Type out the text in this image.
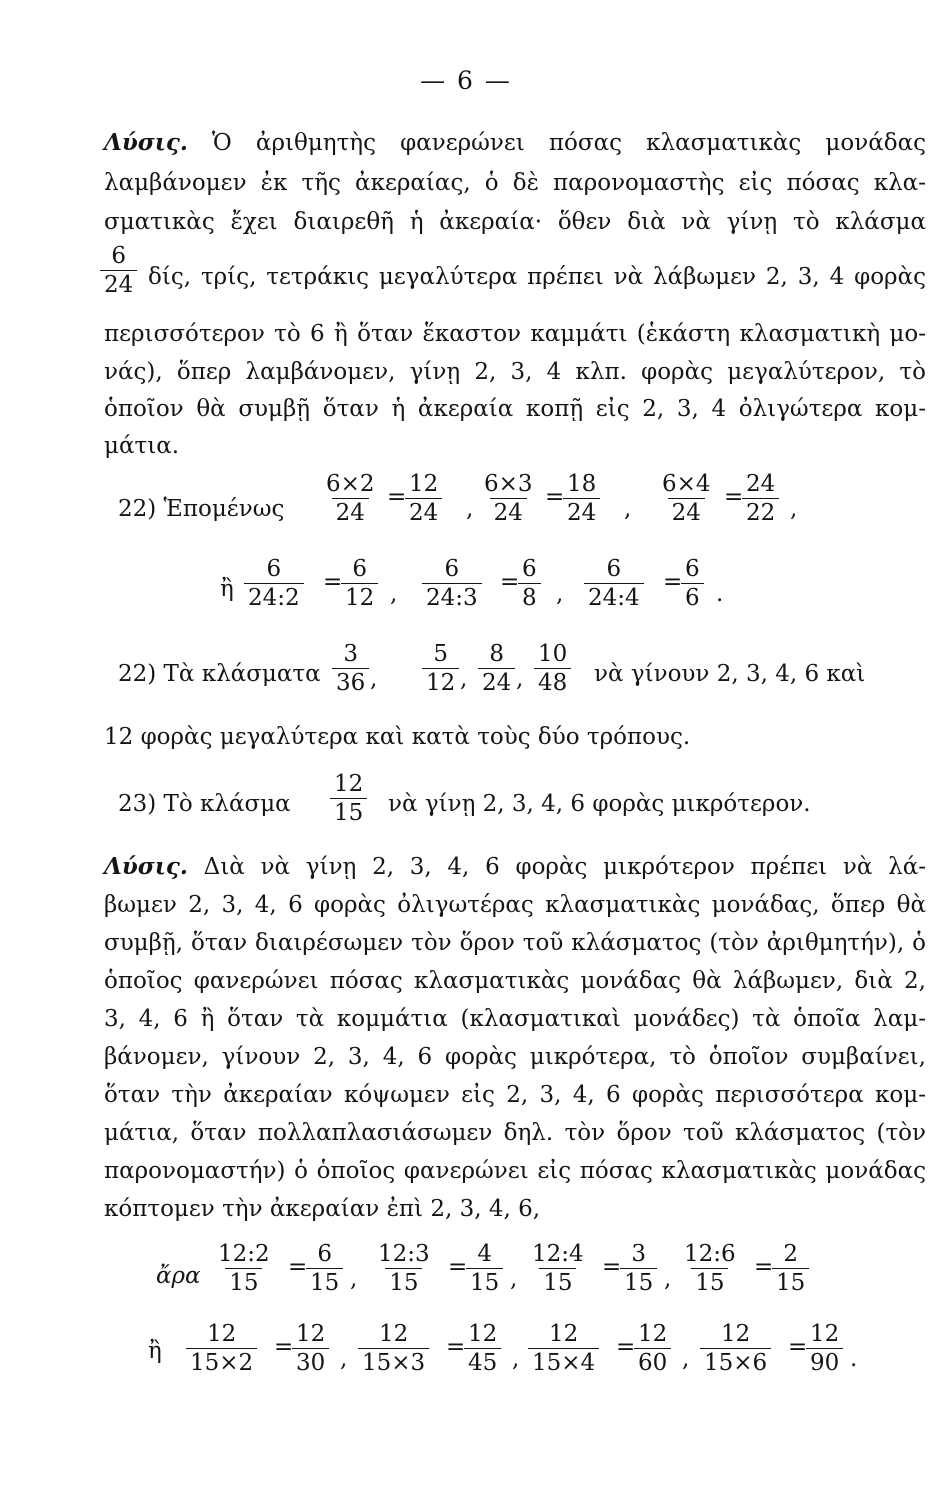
— 6 —
Λύσις. Ὁ ἀριθμητὴς φανερώνει πόσας κλασματικὰς μονάδας
λαμβάνομεν ἐκ τῆς ἀκεραίας, ὁ δὲ παρονομαστὴς εἰς πόσας κλα-
σματικὰς ἔχει διαιρεθῆ ἡ ἀκεραία· ὅθεν διὰ νὰ γίνῃ τὸ κλάσμα
$\frac{6}{24} \delta ί\varsigma$, τρίς, τετράκις μεγαλύτερα πρέπει νὰ λάβωμεν 2, 3, 4 φορὰς
περισσότερον τὸ 6 ἢ ὅταν ἕκαστον καμμάτι (ἑκάστη κλασματικὴ μο-
νάς), ὅπερ λαμβάνομεν, γίνῃ 2, 3, 4 κλπ. φορὰς μεγαλύτερον, τὸ
ὁποῖον θὰ συμβῇ ὅταν ἡ ἀκεραία κοπῇ εἰς 2, 3, 4 ὀλιγώτερα κομ-
μάτια.
22) Ἑπομένως $\frac{6\times 2}{24}$ =
$\frac{12}{24}$ , $\frac{6\times 3}{24}$ =
$\frac{18}{24}$ , $\frac{6\times 4}{24}$ =
$\frac{24}{22}$ ,
ἢ $\frac{6}{24:2}$ =
$\frac{6}{12}$ , $\frac{6}{24:3}$ =
$\frac{6}{8}$ , $\frac{6}{24:4}$ =
$\frac{6}{6}$ .
22) Τὰ κλάσματα $\frac{3}{36}$ , $\frac{5}{12}$ , $\frac{8}{24}$ , $\frac{10}{48}$ νὰ γίνουν 2, 3, 4, 6 καὶ
12 φορὰς μεγαλύτερα καὶ κατὰ τοὺς δύο τρόπους.
23) Τὸ κλάσμα $\frac{12}{15}$ νὰ γίνῃ 2, 3, 4, 6 φορὰς μικρότερον.
Λύσις. Διὰ νὰ γίνῃ 2, 3, 4, 6 φορὰς μικρότερον πρέπει νὰ λά-
βωμεν 2, 3, 4, 6 φορὰς ὀλιγωτέρας κλασματικὰς μονάδας, ὅπερ θὰ
συμβῇ, ὅταν διαιρέσωμεν τὸν ὅρον τοῦ κλάσματος (τὸν ἀριθμητήν), ὁ
ὁποῖος φανερώνει πόσας κλασματικὰς μονάδας θὰ λάβωμεν, διὰ 2,
3, 4, 6 ἢ ὅταν τὰ κομμάτια (κλασματικαὶ μονάδες) τὰ ὁποῖα λαμ-
βάνομεν, γίνουν 2, 3, 4, 6 φορὰς μικρότερα, τὸ ὁποῖον συμβαίνει,
ὅταν τὴν ἀκεραίαν κόψωμεν εἰς 2, 3, 4, 6 φορὰς περισσότερα κομ-
μάτια, ὅταν πολλαπλασιάσωμεν δηλ. τὸν ὅρον τοῦ κλάσματος (τὸν
παρονομαστήν) ὁ ὁποῖος φανερώνει εἰς πόσας κλασματικὰς μονάδας
κόπτομεν τὴν ἀκεραίαν ἐπὶ 2, 3, 4, 6,
ἄρα $\frac{12:2}{15}$ =
$\frac{6}{15}$ , $\frac{12:3}{15}$ =
$\frac{4}{15}$ , $\frac{12:4}{15}$ =
$\frac{3}{15}$ , $\frac{12:6}{15}$ =
$\frac{2}{15}$
ἢ $\frac{12}{15\times 2}$ =
$\frac{12}{30}$ , $\frac{12}{15\times 3}$ =
$\frac{12}{45}$ , $\frac{12}{15\times 4}$ =
$\frac{12}{60}$ , $\frac{12}{15\times 6}$ =
$\frac{12}{90}$ .
